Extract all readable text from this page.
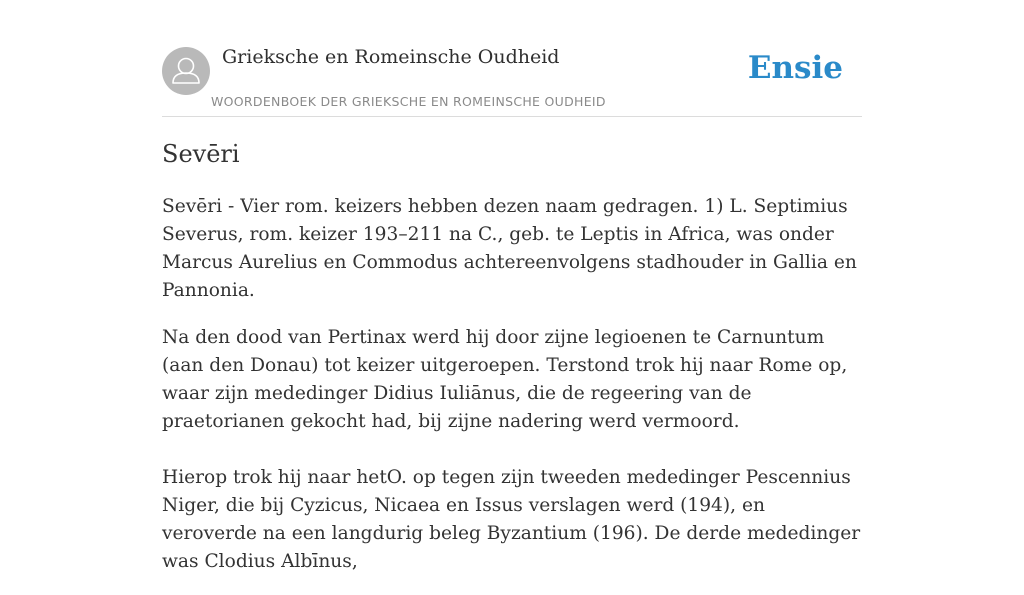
Grieksche en Romeinsche Oudheid
WOORDENBOEK DER GRIEKSCHE EN ROMEINSCHE OUDHEID
Ensie
Sevēri

Sevēri - Vier rom. keizers hebben dezen naam gedragen. 1) L. Septimius Severus, rom. keizer 193–211 na C., geb. te Leptis in Africa, was onder Marcus Aurelius en Commodus achtereenvolgens stadhouder in Gallia en Pannonia.

Na den dood van Pertinax werd hij door zijne legioenen te Carnuntum (aan den Donau) tot keizer uitgeroepen. Terstond trok hij naar Rome op, waar zijn mededinger Didius Iuliānus, die de regeering van de praetorianen gekocht had, bij zijne nadering werd vermoord.

Hierop trok hij naar hetO. op tegen zijn tweeden mededinger Pescennius Niger, die bij Cyzicus, Nicaea en Issus verslagen werd (194), en veroverde na een langdurig beleg Byzantium (196). De derde mededinger was Clodius Albīnus,
